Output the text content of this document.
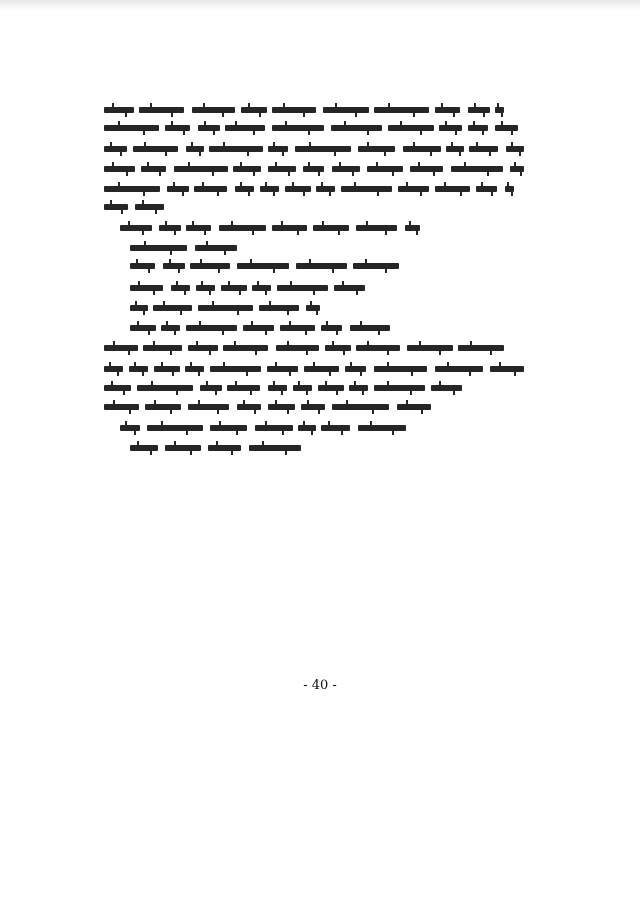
- 40 -
